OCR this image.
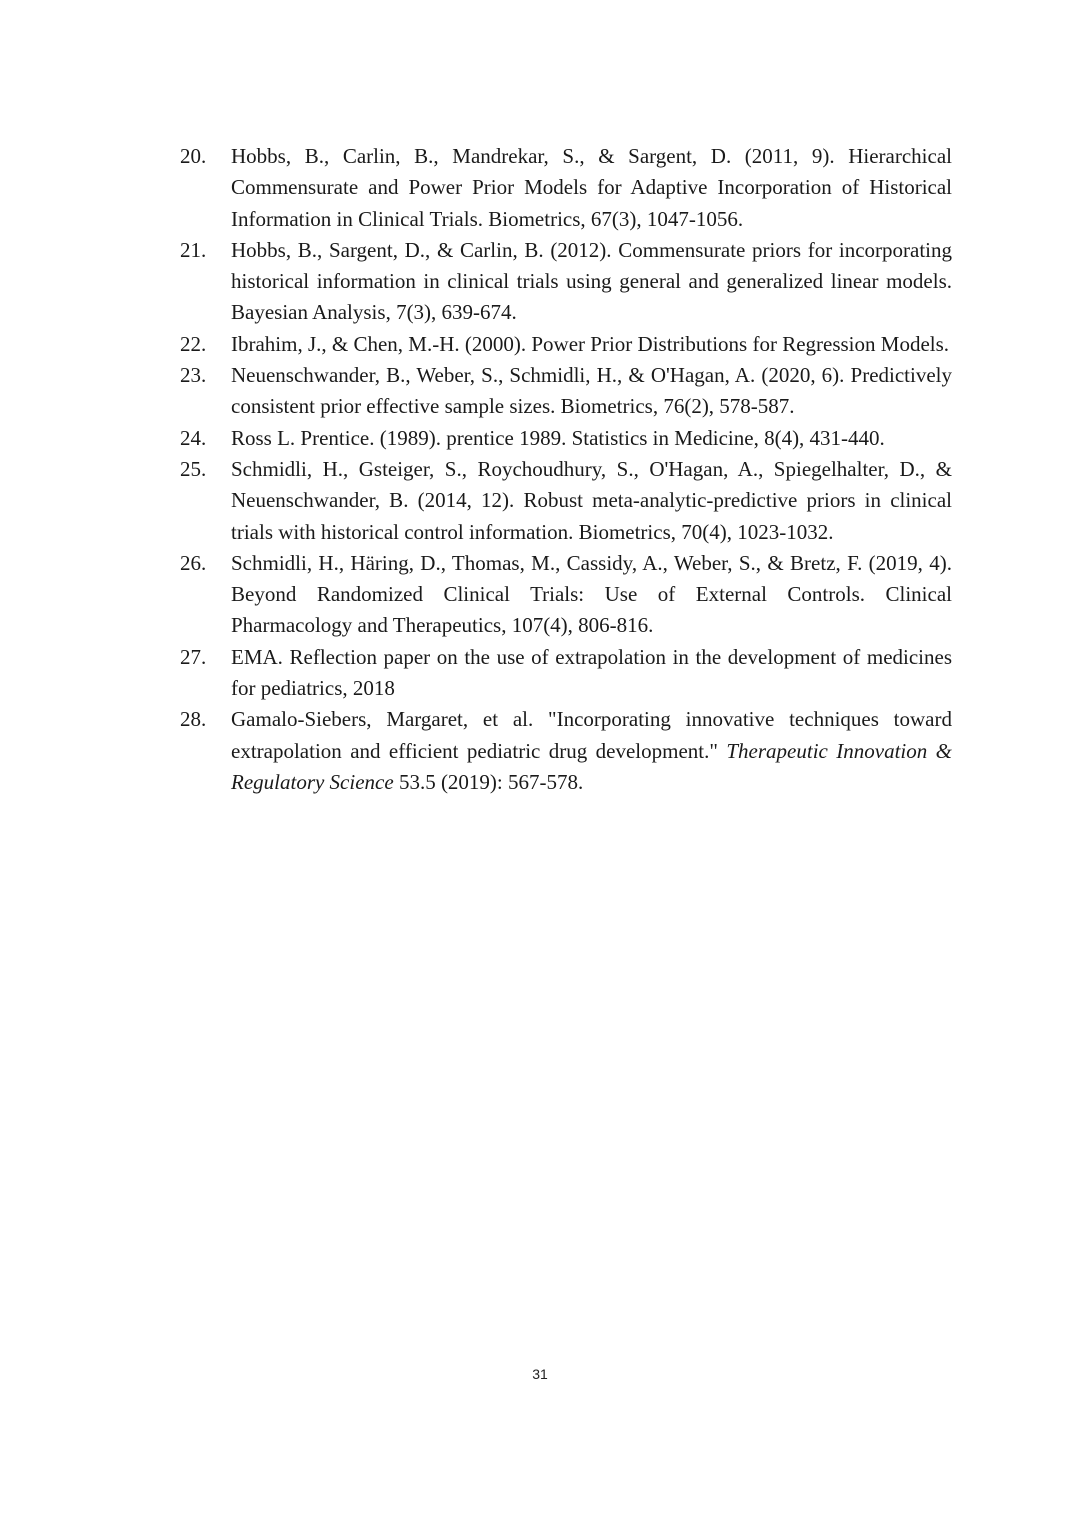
20.	Hobbs, B., Carlin, B., Mandrekar, S., & Sargent, D. (2011, 9). Hierarchical Commensurate and Power Prior Models for Adaptive Incorporation of Historical Information in Clinical Trials. Biometrics, 67(3), 1047-1056.
21.	Hobbs, B., Sargent, D., & Carlin, B. (2012). Commensurate priors for incorporating historical information in clinical trials using general and generalized linear models. Bayesian Analysis, 7(3), 639-674.
22.	Ibrahim, J., & Chen, M.-H. (2000). Power Prior Distributions for Regression Models.
23.	Neuenschwander, B., Weber, S., Schmidli, H., & O'Hagan, A. (2020, 6). Predictively consistent prior effective sample sizes. Biometrics, 76(2), 578-587.
24.	Ross L. Prentice. (1989). prentice 1989. Statistics in Medicine, 8(4), 431-440.
25.	Schmidli, H., Gsteiger, S., Roychoudhury, S., O'Hagan, A., Spiegelhalter, D., & Neuenschwander, B. (2014, 12). Robust meta-analytic-predictive priors in clinical trials with historical control information. Biometrics, 70(4), 1023-1032.
26.	Schmidli, H., Häring, D., Thomas, M., Cassidy, A., Weber, S., & Bretz, F. (2019, 4). Beyond Randomized Clinical Trials: Use of External Controls. Clinical Pharmacology and Therapeutics, 107(4), 806-816.
27.	EMA. Reflection paper on the use of extrapolation in the development of medicines for pediatrics, 2018
28.	Gamalo-Siebers, Margaret, et al. "Incorporating innovative techniques toward extrapolation and efficient pediatric drug development." Therapeutic Innovation & Regulatory Science 53.5 (2019): 567-578.
31
